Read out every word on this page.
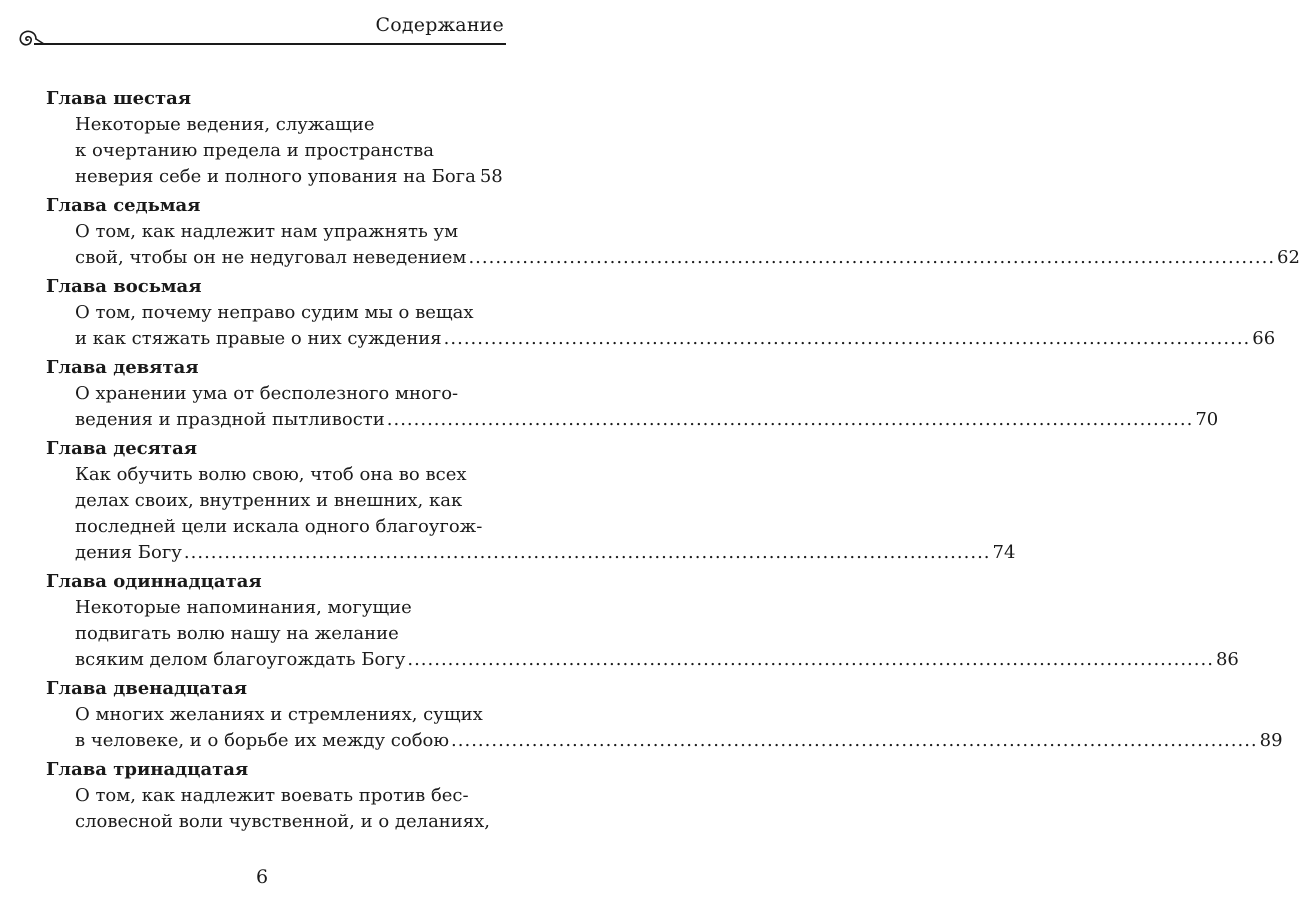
Содержание
Глава шестая
Некоторые ведения, служащие
к очертанию предела и пространства
неверия себе и полного упования на Бога 58
Глава седьмая
О том, как надлежит нам упражнять ум
свой, чтобы он не недуговал неведением ........................................................................................................................ 62
Глава восьмая
О том, почему неправо судим мы о вещах
и как стяжать правые о них суждения ........................................................................................................................ 66
Глава девятая
О хранении ума от бесполезного много-
ведения и праздной пытливости ........................................................................................................................ 70
Глава десятая
Как обучить волю свою, чтоб она во всех
делах своих, внутренних и внешних, как
последней цели искала одного благоугож-
дения Богу ........................................................................................................................ 74
Глава одиннадцатая
Некоторые напоминания, могущие
подвигать волю нашу на желание
всяким делом благоугождать Богу ........................................................................................................................ 86
Глава двенадцатая
О многих желаниях и стремлениях, сущих
в человеке, и о борьбе их между собою ........................................................................................................................ 89
Глава тринадцатая
О том, как надлежит воевать против бес-
словесной воли чувственной, и о деланиях,
6
